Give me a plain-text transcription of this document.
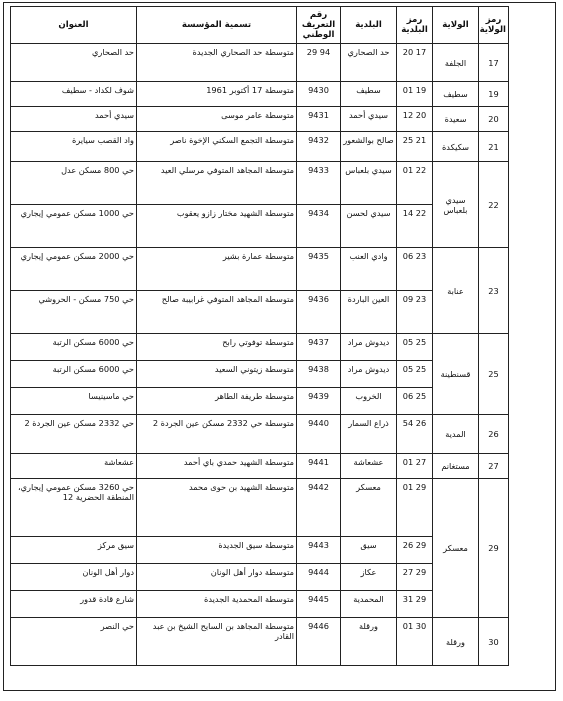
رمز الولاية	الولاية	رمز البلدية	البلدية	رقم التعريف الوطني	تسمية المؤسسة	العنوان
17	الجلفة	20 17	حد الصحاري	29 94	متوسطة حد الصحاري الجديدة	حد الصحاري
19	سطيف	01 19	سطيف	9430	متوسطة 17 أكتوبر 1961	شوف لكداد - سطيف
20	سعيدة	12 20	سيدي أحمد	9431	متوسطة عامر موسى	سيدي أحمد
21	سكيكدة	25 21	صالح بوالشعور	9432	متوسطة التجمع السكني الإخوة ناصر	واد القصب سيايرة
22	سيدي بلعباس	01 22	سيدي بلعباس	9433	متوسطة المجاهد المتوفي مرسلي العيد	حي 800 مسكن عدل
		14 22	سيدي لحسن	9434	متوسطة الشهيد مختار زازو يعقوب	حي 1000 مسكن عمومي إيجاري
23	عنابة	06 23	وادي العنب	9435	متوسطة عمارة بشير	حي 2000 مسكن عمومي إيجاري
		09 23	العين الباردة	9436	متوسطة المجاهد المتوفي غرابيبة صالح	حي 750 مسكن - الحروشي
25	قسنطينة	05 25	ديدوش مراد	9437	متوسطة توفوتي رابح	حي 6000 مسكن الرتبة
		05 25	ديدوش مراد	9438	متوسطة زيتوني السعيد	حي 6000 مسكن الرتبة
		06 25	الخروب	9439	متوسطة طريفة الطاهر	حي ماسينيسا
26	المدية	54 26	ذراع السمار	9440	متوسطة حي 2332 مسكن عين الجردة 2	حي 2332 مسكن عين الجردة 2
27	مستغانم	01 27	عشعاشة	9441	متوسطة الشهيد حمدي باي أحمد	عشعاشة
29	معسكر	01 29	معسكر	9442	متوسطة الشهيد بن حوى محمد	حي 3260 مسكن عمومي إيجاري، المنطقة الحضرية 12
		26 29	سيق	9443	متوسطة سيق الجديدة	سيق مركز
		27 29	عكاز	9444	متوسطة دوار أهل الونان	دوار أهل الونان
		31 29	المحمدية	9445	متوسطة المحمدية الجديدة	شارع قادة قدور
30	ورقلة	01 30	ورقلة	9446	متوسطة المجاهد بن السايح الشيخ بن عبد القادر	حي النصر
